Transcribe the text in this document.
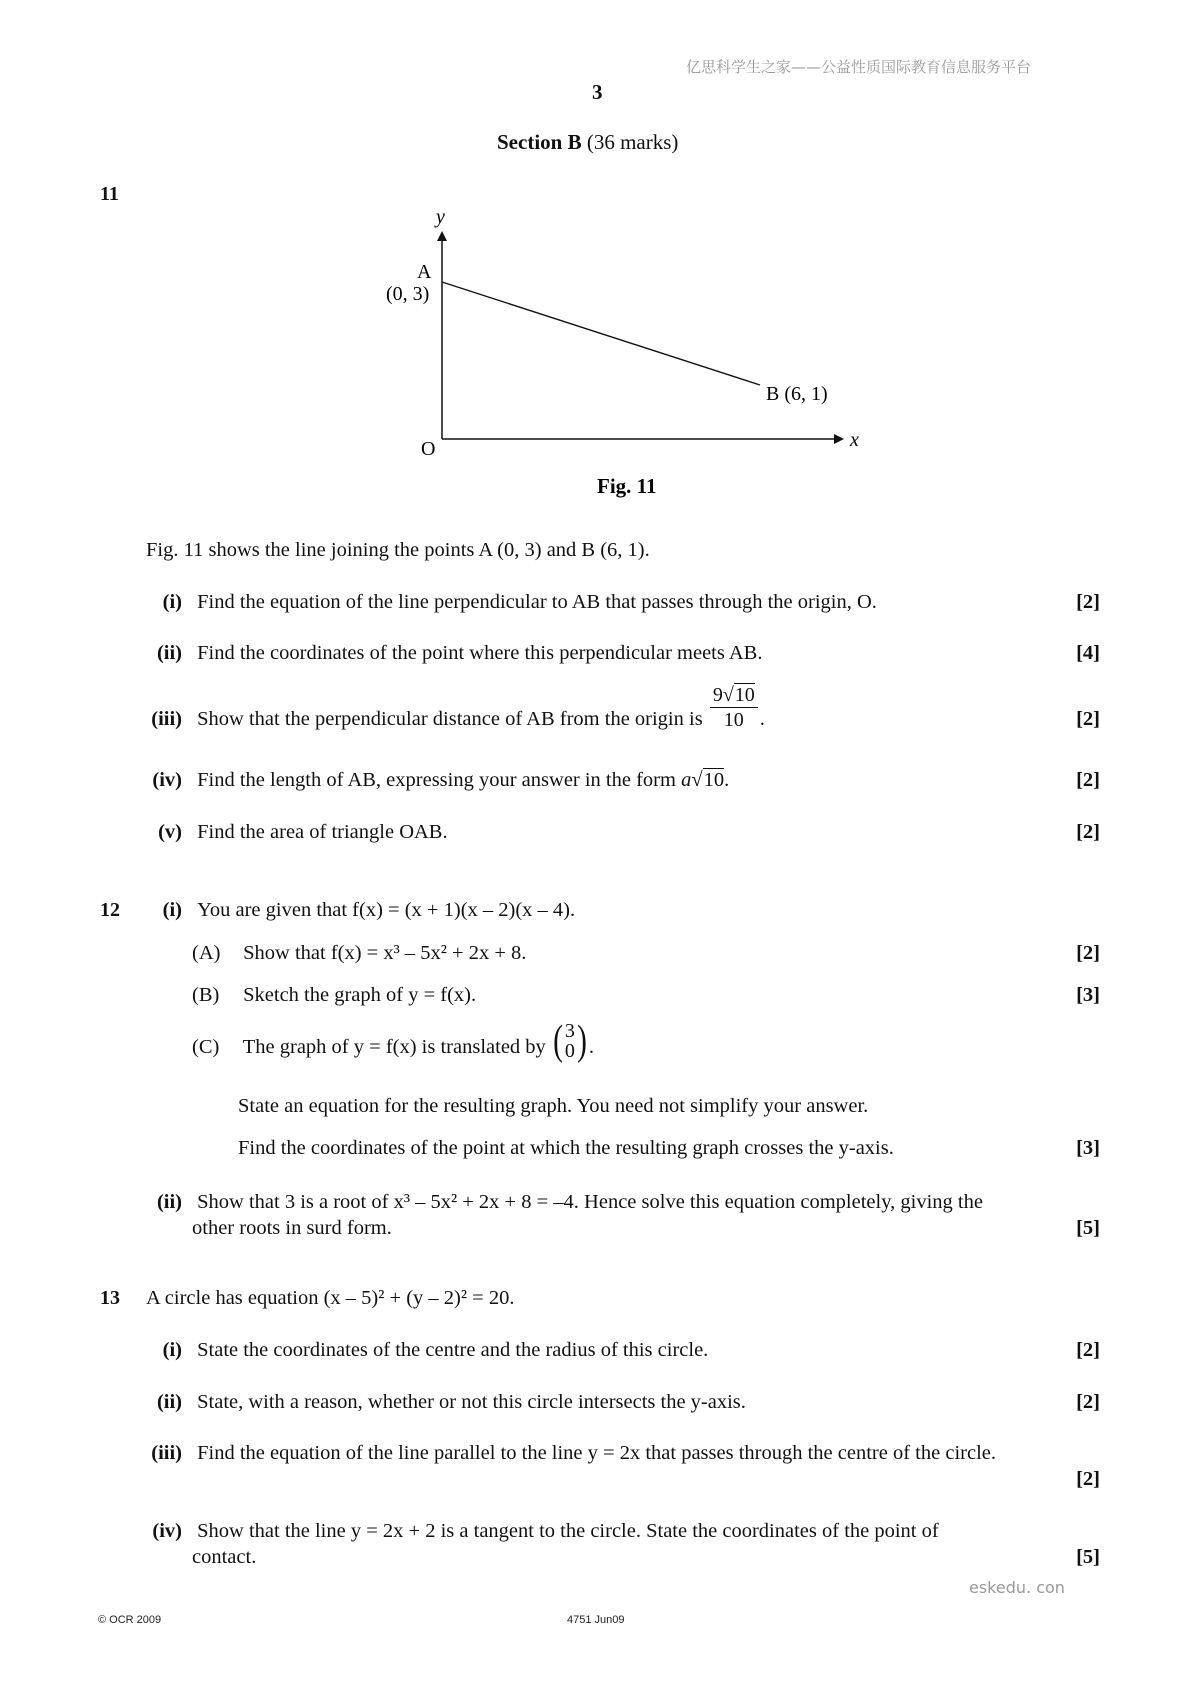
亿思科学生之家——公益性质国际教育信息服务平台
3
Section B (36 marks)
11
y
x
O
A
(0, 3)
B (6, 1)
Fig. 11
Fig. 11 shows the line joining the points A (0, 3) and B (6, 1).
(i) Find the equation of the line perpendicular to AB that passes through the origin, O.	[2]
(ii) Find the coordinates of the point where this perpendicular meets AB.	[4]
(iii) Show that the perpendicular distance of AB from the origin is $\frac{9√10}{10}$ .	[2]
(iv) Find the length of AB, expressing your answer in the form a√10.	[2]
(v) Find the area of triangle OAB.	[2]
12	(i) You are given that f(x) = (x + 1)(x – 2)(x – 4).
(A) Show that f(x) = x³ – 5x² + 2x + 8.	[2]
(B) Sketch the graph of y = f(x).	[3]
(C) The graph of y = f(x) is translated by ( 3
0 ) .
State an equation for the resulting graph. You need not simplify your answer.
Find the coordinates of the point at which the resulting graph crosses the y-axis.	[3]
(ii) Show that 3 is a root of x³ – 5x² + 2x + 8 = –4. Hence solve this equation completely, giving the
other roots in surd form.	[5]
13 A circle has equation (x – 5)² + (y – 2)² = 20.
(i) State the coordinates of the centre and the radius of this circle.	[2]
(ii) State, with a reason, whether or not this circle intersects the y-axis.	[2]
(iii) Find the equation of the line parallel to the line y = 2x that passes through the centre of the circle.
[2]
(iv) Show that the line y = 2x + 2 is a tangent to the circle. State the coordinates of the point of
contact.	[5]
eskedu. con
© OCR 2009	4751 Jun09
